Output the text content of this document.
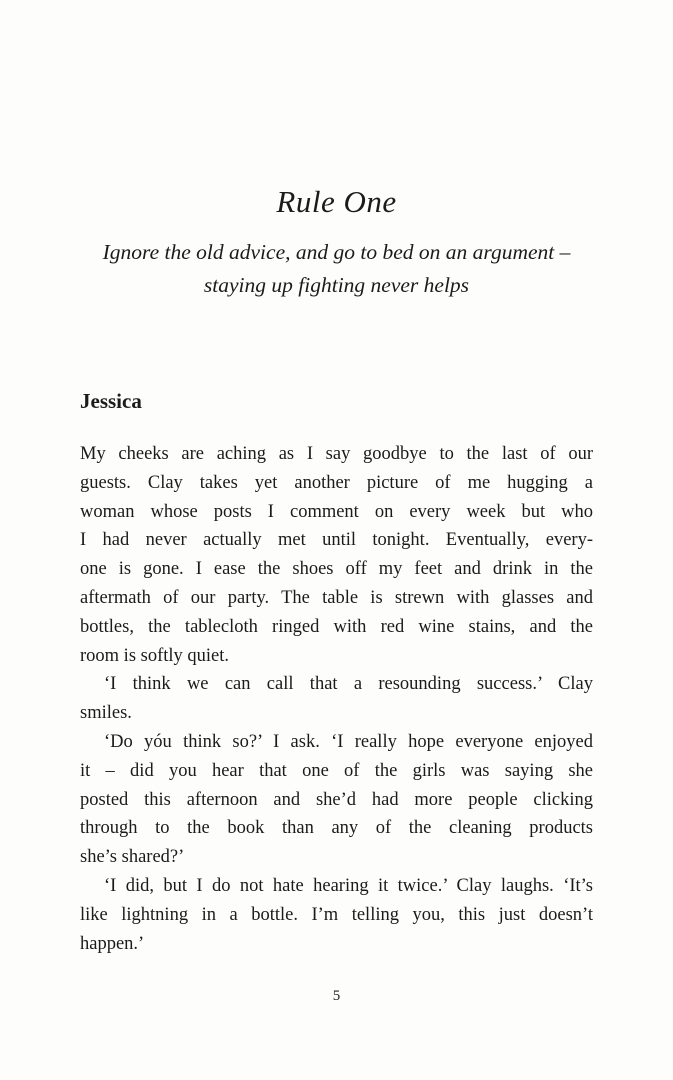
Rule One
Ignore the old advice, and go to bed on an argument –
staying up fighting never helps
Jessica
My cheeks are aching as I say goodbye to the last of our
guests. Clay takes yet another picture of me hugging a
woman whose posts I comment on every week but who
I had never actually met until tonight. Eventually, every-
one is gone. I ease the shoes off my feet and drink in the
aftermath of our party. The table is strewn with glasses and
bottles, the tablecloth ringed with red wine stains, and the
room is softly quiet.
‘I think we can call that a resounding success.’ Clay
smiles.
‘Do yóu think so?’ I ask. ‘I really hope everyone enjoyed
it – did you hear that one of the girls was saying she
posted this afternoon and she’d had more people clicking
through to the book than any of the cleaning products
she’s shared?’
‘I did, but I do not hate hearing it twice.’ Clay laughs. ‘It’s
like lightning in a bottle. I’m telling you, this just doesn’t
happen.’
5
